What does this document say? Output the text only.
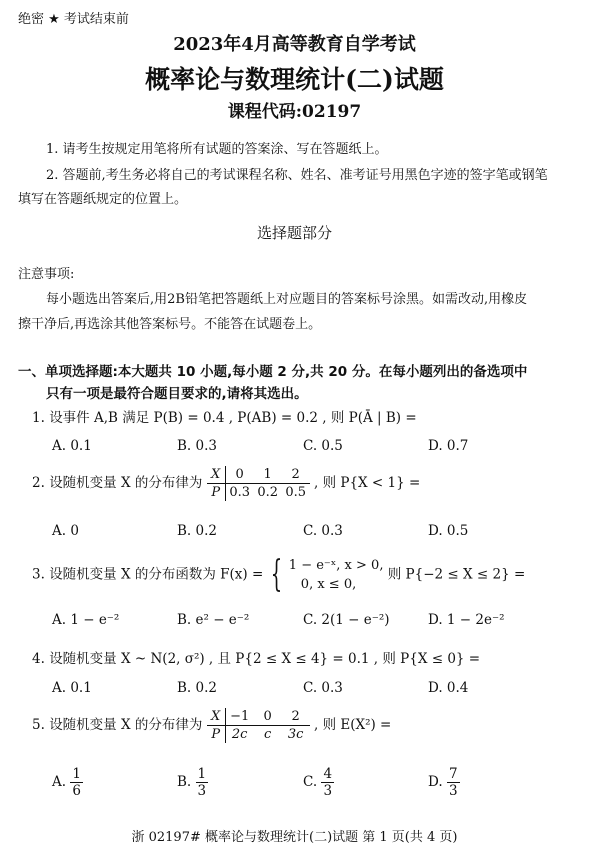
绝密 ★ 考试结束前
2023年4月高等教育自学考试
概率论与数理统计(二)试题
课程代码:02197
1. 请考生按规定用笔将所有试题的答案涂、写在答题纸上。
2. 答题前,考生务必将自己的考试课程名称、姓名、准考证号用黑色字迹的签字笔或钢笔
填写在答题纸规定的位置上。
选择题部分
注意事项:
每小题选出答案后,用2B铅笔把答题纸上对应题目的答案标号涂黑。如需改动,用橡皮
擦干净后,再选涂其他答案标号。不能答在试题卷上。
一、单项选择题:本大题共 10 小题,每小题 2 分,共 20 分。在每小题列出的备选项中
只有一项是最符合题目要求的,请将其选出。
1. 设事件 A,B 满足 P(B) = 0.4 , P(AB) = 0.2 , 则 P(Ā | B) =
A. 0.1	B. 0.3	C. 0.5	D. 0.7
2. 设随机变量 X 的分布律为 X	0	1	2
P 0.3 0.2 0.5 , 则 P{X < 1} =
A. 0	B. 0.2	C. 0.3	D. 0.5
3. 设随机变量 X 的分布函数为 F(x) = { 1 − e⁻ˣ, x > 0,
0, x ≤ 0,
则 P{−2 ≤ X ≤ 2} =
A. 1 − e⁻²	B. e² − e⁻²	C. 2(1 − e⁻²)	D. 1 − 2e⁻²
4. 设随机变量 X ~ N(2, σ²) , 且 P{2 ≤ X ≤ 4} = 0.1 , 则 P{X ≤ 0} =
A. 0.1	B. 0.2	C. 0.3	D. 0.4
5. 设随机变量 X 的分布律为 X −1	0	2
P 2c	c	3c , 则 E(X²) =
A. $\frac{1}{6}$	B. $\frac{1}{3}$	C. $\frac{4}{3}$	D. $\frac{7}{3}$
浙 02197# 概率论与数理统计(二)试题 第 1 页(共 4 页)
